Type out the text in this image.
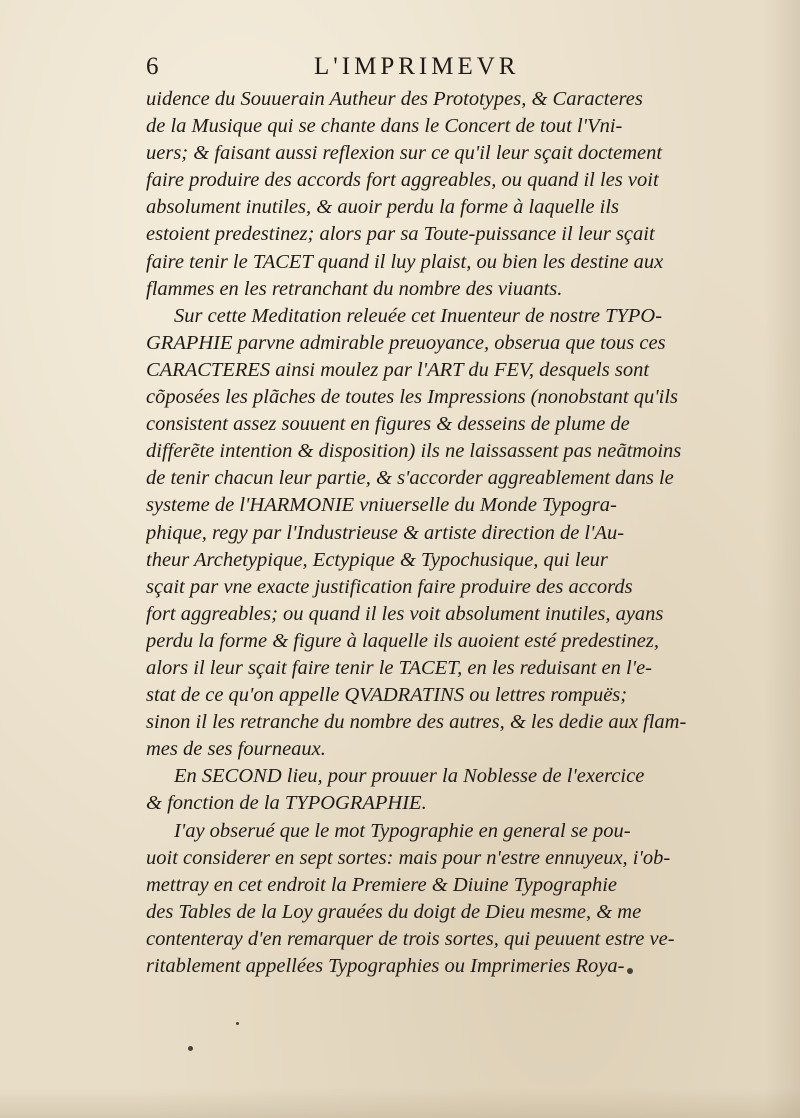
6	L'IMPRIMEVR
uidence du Souuerain Autheur des Prototypes, & Caracteres
de la Musique qui se chante dans le Concert de tout l'Vni-
uers; & faisant aussi reflexion sur ce qu'il leur sçait doctement
faire produire des accords fort aggreables, ou quand il les voit
absolument inutiles, & auoir perdu la forme à laquelle ils
estoient predestinez; alors par sa Toute-puissance il leur sçait
faire tenir le TACET quand il luy plaist, ou bien les destine aux
flammes en les retranchant du nombre des viuants.
Sur cette Meditation releuée cet Inuenteur de nostre TYPO-
GRAPHIE parvne admirable preuoyance, obserua que tous ces
CARACTERES ainsi moulez par l'ART du FEV, desquels sont
cõposées les plãches de toutes les Impressions (nonobstant qu'ils
consistent assez souuent en figures & desseins de plume de
differẽte intention & disposition) ils ne laissassent pas neãtmoins
de tenir chacun leur partie, & s'accorder aggreablement dans le
systeme de l'HARMONIE vniuerselle du Monde Typogra-
phique, regy par l'Industrieuse & artiste direction de l'Au-
theur Archetypique, Ectypique & Typochusique, qui leur
sçait par vne exacte justification faire produire des accords
fort aggreables; ou quand il les voit absolument inutiles, ayans
perdu la forme & figure à laquelle ils auoient esté predestinez,
alors il leur sçait faire tenir le TACET, en les reduisant en l'e-
stat de ce qu'on appelle QVADRATINS ou lettres rompuës;
sinon il les retranche du nombre des autres, & les dedie aux flam-
mes de ses fourneaux.
En SECOND lieu, pour prouuer la Noblesse de l'exercice
& fonction de la TYPOGRAPHIE.
I'ay obserué que le mot Typographie en general se pou-
uoit considerer en sept sortes: mais pour n'estre ennuyeux, i'ob-
mettray en cet endroit la Premiere & Diuine Typographie
des Tables de la Loy grauées du doigt de Dieu mesme, & me
contenteray d'en remarquer de trois sortes, qui peuuent estre ve-
ritablement appellées Typographies ou Imprimeries Roya-
